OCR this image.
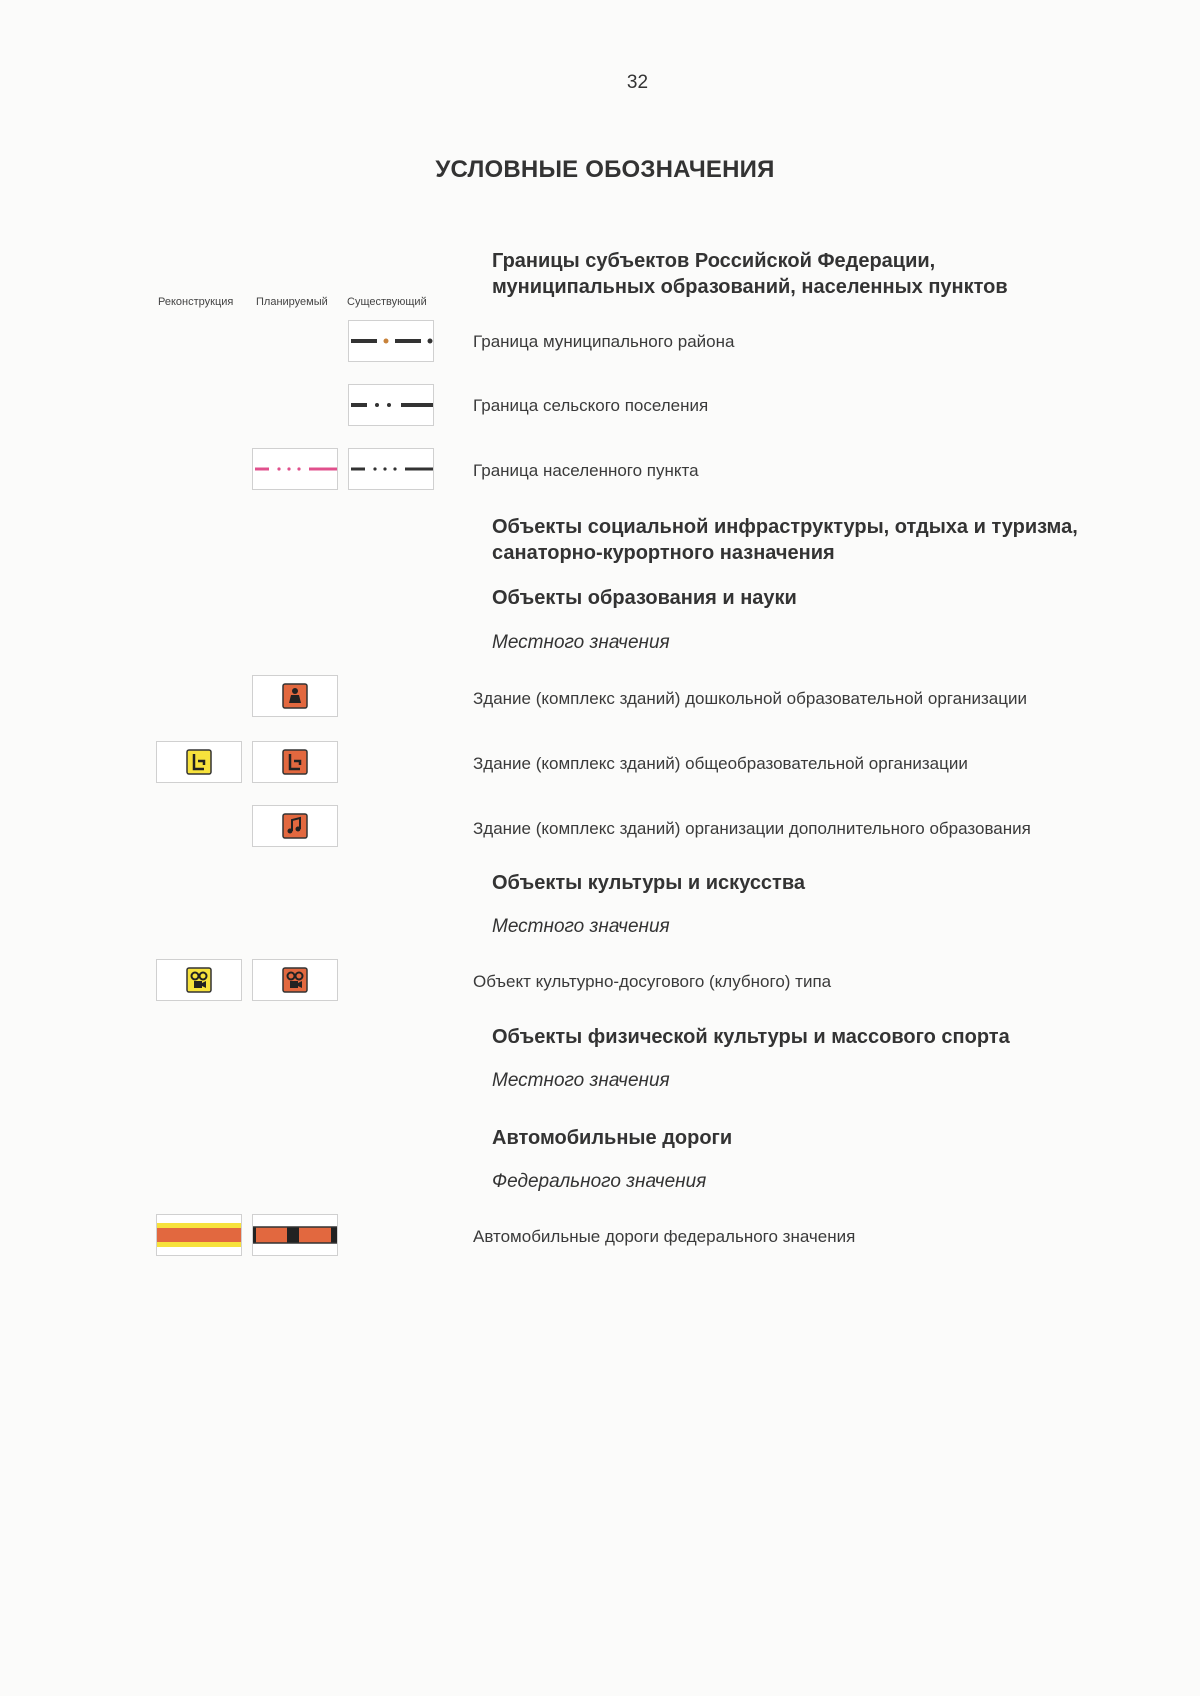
32
УСЛОВНЫЕ ОБОЗНАЧЕНИЯ
Реконструкция Планируемый Существующий
Границы субъектов Российской Федерации, муниципальных образований, населенных пунктов
Граница муниципального района
Граница сельского поселения
Граница населенного пункта
Объекты социальной инфраструктуры, отдыха и туризма, санаторно-курортного назначения
Объекты образования и науки
Местного значения
Здание (комплекс зданий) дошкольной образовательной организации
Здание (комплекс зданий) общеобразовательной организации
Здание (комплекс зданий) организации дополнительного образования
Объекты культуры и искусства
Местного значения
Объект культурно-досугового (клубного) типа
Объекты физической культуры и массового спорта
Местного значения
Автомобильные дороги
Федерального значения
Автомобильные дороги федерального значения
